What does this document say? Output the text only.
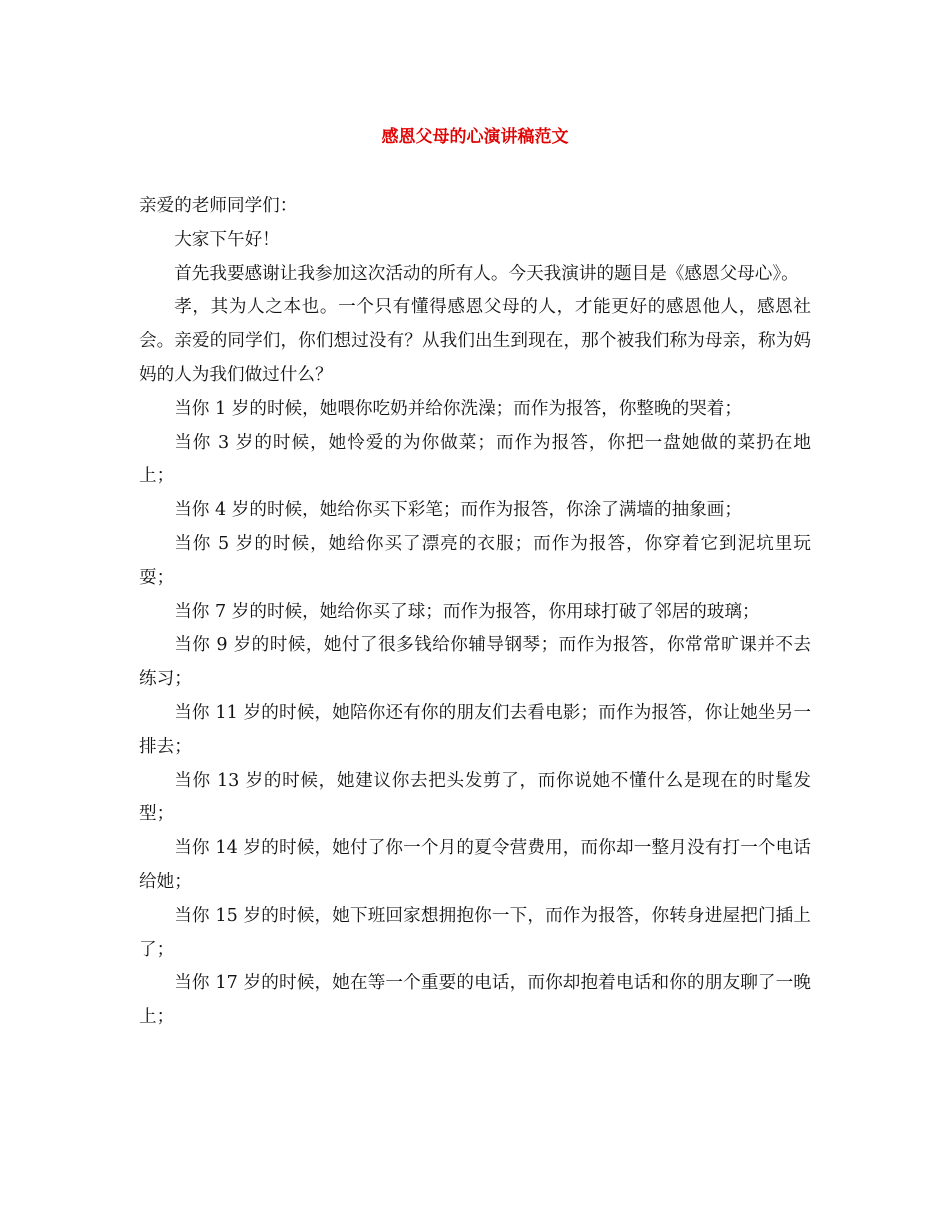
感恩父母的心演讲稿范文

亲爱的老师同学们：

大家下午好！

首先我要感谢让我参加这次活动的所有人。今天我演讲的题目是《感恩父母心》。

孝，其为人之本也。一个只有懂得感恩父母的人，才能更好的感恩他人，感恩社会。亲爱的同学们，你们想过没有？从我们出生到现在，那个被我们称为母亲，称为妈妈的人为我们做过什么？

当你 1 岁的时候，她喂你吃奶并给你洗澡；而作为报答，你整晚的哭着；

当你 3 岁的时候，她怜爱的为你做菜；而作为报答，你把一盘她做的菜扔在地上；

当你 4 岁的时候，她给你买下彩笔；而作为报答，你涂了满墙的抽象画；

当你 5 岁的时候，她给你买了漂亮的衣服；而作为报答，你穿着它到泥坑里玩耍；

当你 7 岁的时候，她给你买了球；而作为报答，你用球打破了邻居的玻璃；

当你 9 岁的时候，她付了很多钱给你辅导钢琴；而作为报答，你常常旷课并不去练习；

当你 11 岁的时候，她陪你还有你的朋友们去看电影；而作为报答，你让她坐另一排去；

当你 13 岁的时候，她建议你去把头发剪了，而你说她不懂什么是现在的时髦发型；

当你 14 岁的时候，她付了你一个月的夏令营费用，而你却一整月没有打一个电话给她；

当你 15 岁的时候，她下班回家想拥抱你一下，而作为报答，你转身进屋把门插上了；

当你 17 岁的时候，她在等一个重要的电话，而你却抱着电话和你的朋友聊了一晚上；
